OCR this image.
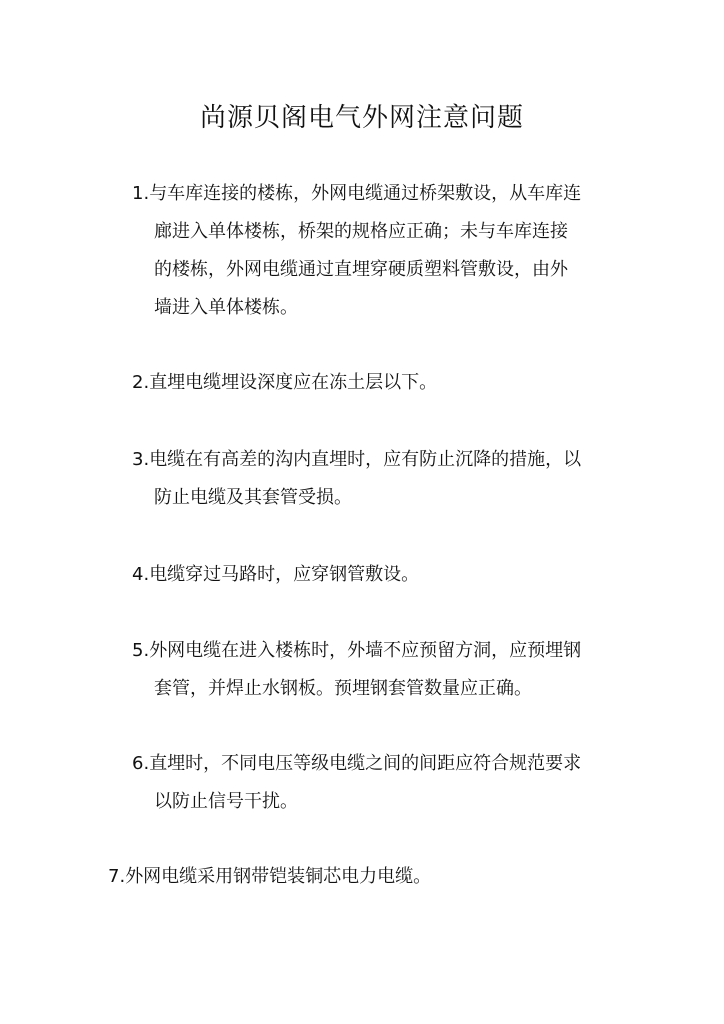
尚源贝阁电气外网注意问题
1.与车库连接的楼栋，外网电缆通过桥架敷设，从车库连
廊进入单体楼栋，桥架的规格应正确；未与车库连接
的楼栋，外网电缆通过直埋穿硬质塑料管敷设，由外
墙进入单体楼栋。
2.直埋电缆埋设深度应在冻土层以下。
3.电缆在有高差的沟内直埋时，应有防止沉降的措施，以
防止电缆及其套管受损。
4.电缆穿过马路时，应穿钢管敷设。
5.外网电缆在进入楼栋时，外墙不应预留方洞，应预埋钢
套管，并焊止水钢板。预埋钢套管数量应正确。
6.直埋时，不同电压等级电缆之间的间距应符合规范要求
以防止信号干扰。
7.外网电缆采用钢带铠装铜芯电力电缆。
